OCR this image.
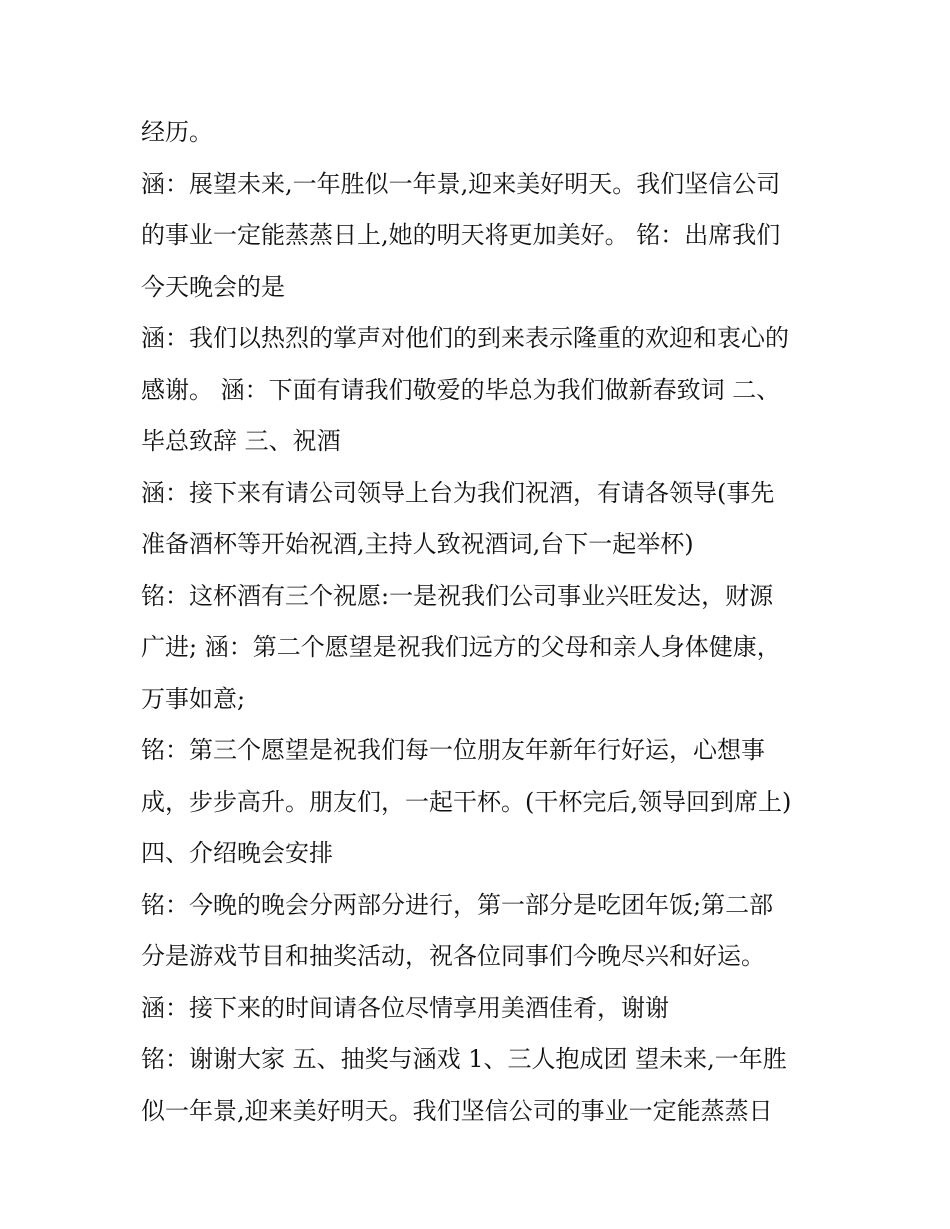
经历。
涵：展望未来,一年胜似一年景,迎来美好明天。我们坚信公司
的事业一定能蒸蒸日上,她的明天将更加美好。 铭：出席我们
今天晚会的是
涵：我们以热烈的掌声对他们的到来表示隆重的欢迎和衷心的
感谢。 涵：下面有请我们敬爱的毕总为我们做新春致词 二、
毕总致辞 三、祝酒
涵：接下来有请公司领导上台为我们祝酒，有请各领导(事先
准备酒杯等开始祝酒,主持人致祝酒词,台下一起举杯)
铭：这杯酒有三个祝愿:一是祝我们公司事业兴旺发达，财源
广进; 涵：第二个愿望是祝我们远方的父母和亲人身体健康，
万事如意;
铭：第三个愿望是祝我们每一位朋友年新年行好运，心想事
成，步步高升。朋友们，一起干杯。(干杯完后,领导回到席上)
四、介绍晚会安排
铭：今晚的晚会分两部分进行，第一部分是吃团年饭;第二部
分是游戏节目和抽奖活动，祝各位同事们今晚尽兴和好运。
涵：接下来的时间请各位尽情享用美酒佳肴，谢谢
铭：谢谢大家 五、抽奖与涵戏 1、三人抱成团 望未来,一年胜
似一年景,迎来美好明天。我们坚信公司的事业一定能蒸蒸日
